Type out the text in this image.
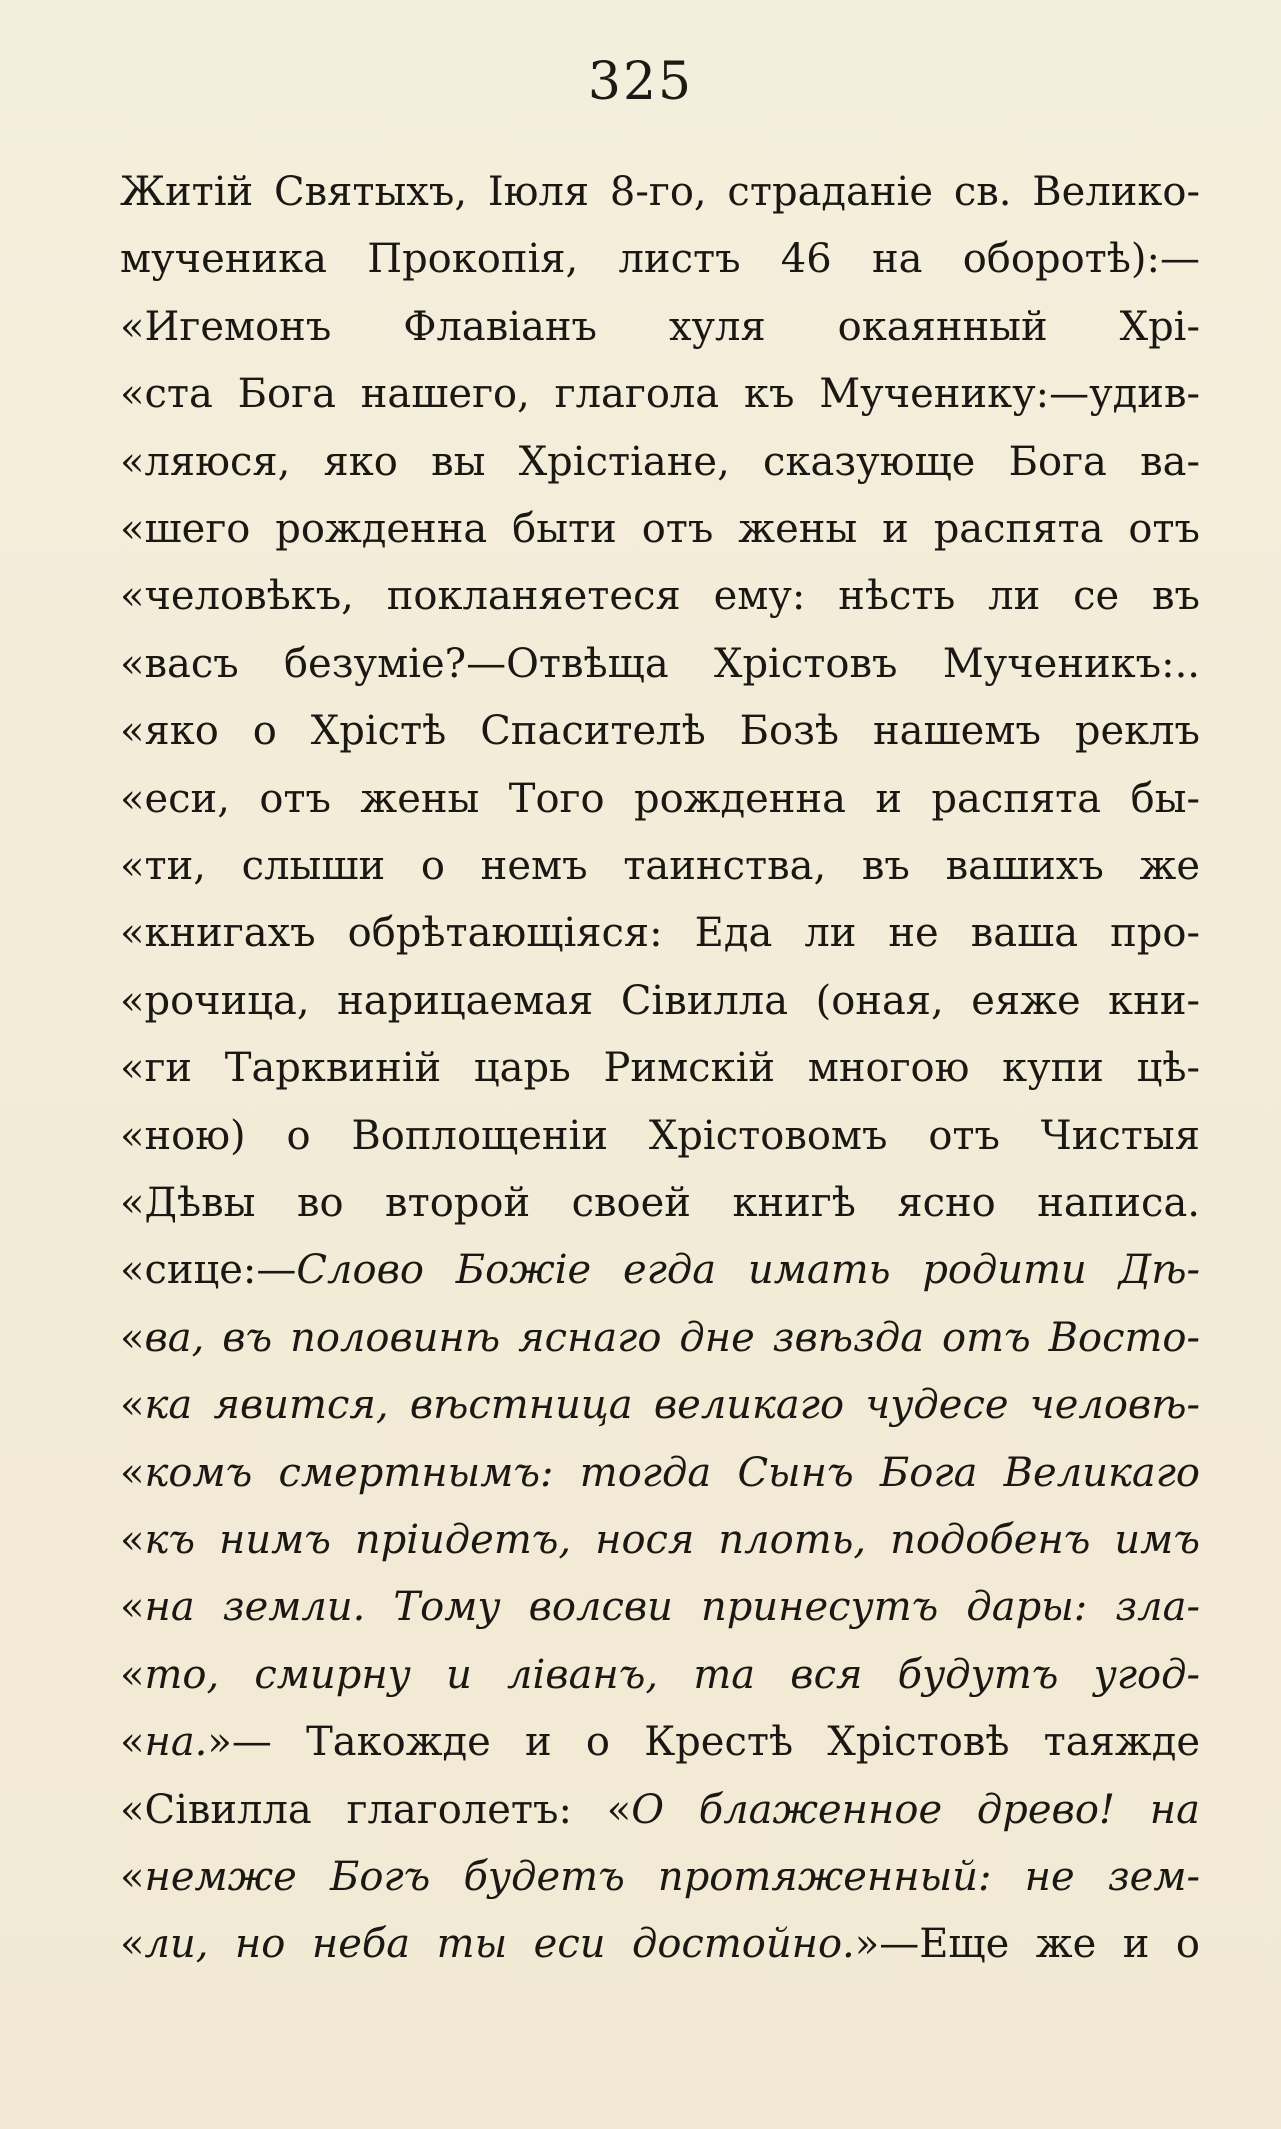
325
Житій Святыхъ, Іюля 8-го, страданіе св. Велико-
мученика Прокопія, листъ 46 на оборотѣ):—
«Игемонъ Флавіанъ хуля окаянный Хрі-
«ста Бога нашего, глагола къ Мученику:—удив-
«ляюся, яко вы Хрістіане, сказующе Бога ва-
«шего рожденна быти отъ жены и распята отъ
«человѣкъ, покланяетеся ему: нѣсть ли се въ
«васъ безуміе?—Отвѣща Хрістовъ Мученикъ:..
«яко о Хрістѣ Спасителѣ Бозѣ нашемъ реклъ
«еси, отъ жены Того рожденна и распята бы-
«ти, слыши о немъ таинства, въ вашихъ же
«книгахъ обрѣтающіяся: Еда ли не ваша про-
«рочица, нарицаемая Сівилла (оная, еяже кни-
«ги Тарквиній царь Римскій многою купи цѣ-
«ною) о Воплощеніи Хрістовомъ отъ Чистыя
«Дѣвы во второй своей книгѣ ясно написа.
«сице:—Слово Божіе егда имать родити Дѣ-
«ва, въ половинѣ яснаго дне звѣзда отъ Восто-
«ка явится, вѣстница великаго чудесе человѣ-
«комъ смертнымъ: тогда Сынъ Бога Великаго
«къ нимъ пріидетъ, нося плоть, подобенъ имъ
«на земли. Тому волсви принесутъ дары: зла-
«то, смирну и ліванъ, та вся будутъ угод-
«на.»— Такожде и о Крестѣ Хрістовѣ таяжде
«Сівилла глаголетъ: «О блаженное древо! на
«немже Богъ будетъ протяженный: не зем-
«ли, но неба ты еси достойно.»—Еще же и о
